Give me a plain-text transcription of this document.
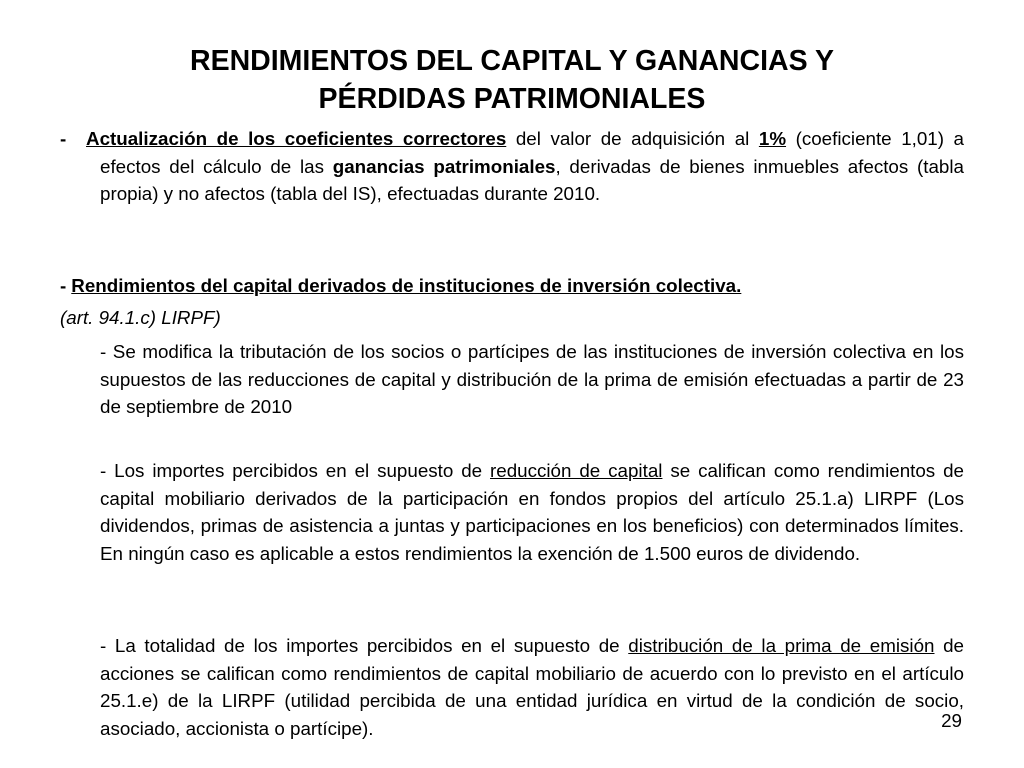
RENDIMIENTOS DEL CAPITAL Y GANANCIAS Y
PÉRDIDAS PATRIMONIALES

- Actualización de los coeficientes correctores del valor de adquisición al 1% (coeficiente 1,01) a efectos del cálculo de las ganancias patrimoniales, derivadas de bienes inmuebles afectos (tabla propia) y no afectos (tabla del IS), efectuadas durante 2010.

- Rendimientos del capital derivados de instituciones de inversión colectiva.

(art. 94.1.c) LIRPF)

- Se modifica la tributación de los socios o partícipes de las instituciones de inversión colectiva en los supuestos de las reducciones de capital y distribución de la prima de emisión efectuadas a partir de 23 de septiembre de 2010

- Los importes percibidos en el supuesto de reducción de capital se califican como rendimientos de capital mobiliario derivados de la participación en fondos propios del artículo 25.1.a) LIRPF (Los dividendos, primas de asistencia a juntas y participaciones en los beneficios) con determinados límites. En ningún caso es aplicable a estos rendimientos la exención de 1.500 euros de dividendo.

- La totalidad de los importes percibidos en el supuesto de distribución de la prima de emisión de acciones se califican como rendimientos de capital mobiliario de acuerdo con lo previsto en el artículo 25.1.e) de la LIRPF (utilidad percibida de una entidad jurídica en virtud de la condición de socio, asociado, accionista o partícipe).	29
